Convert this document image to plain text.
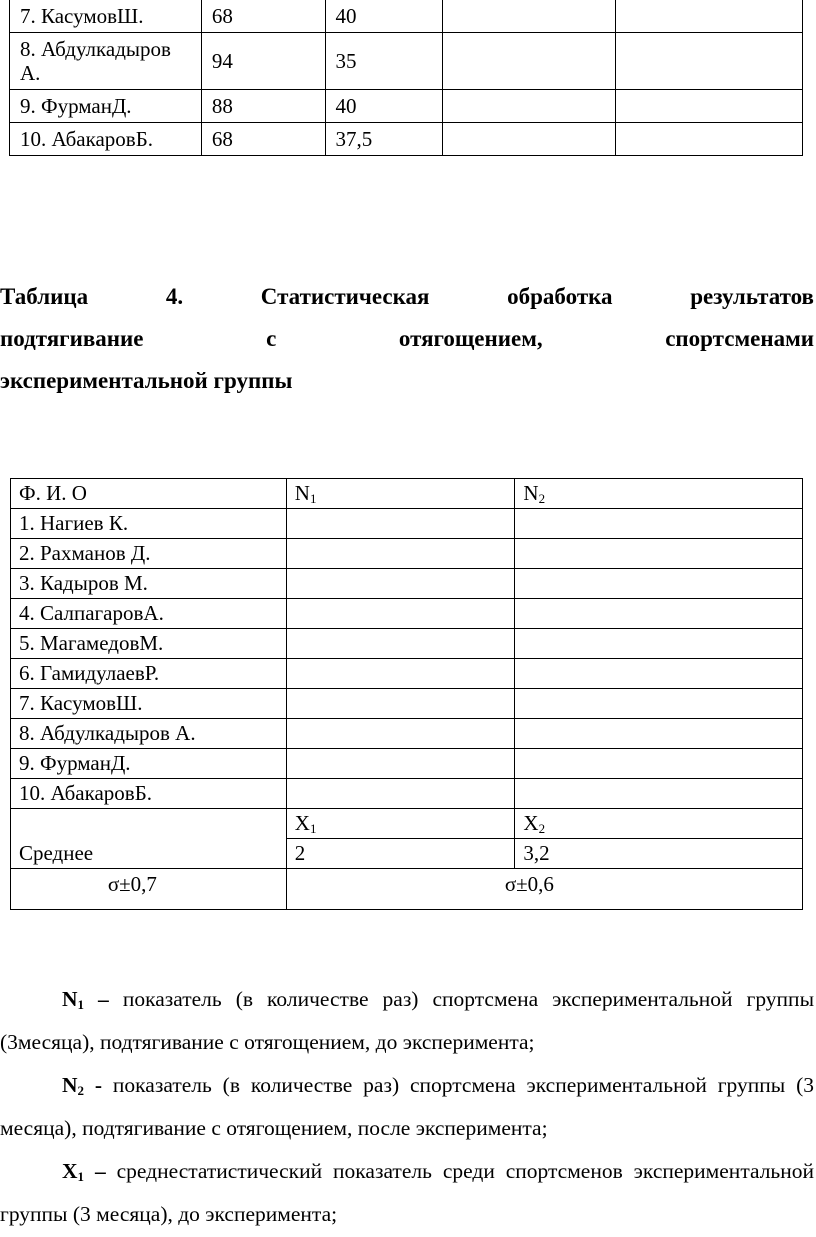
7. КасумовШ.	68	40		
8. Абдулкадыров А.	94	35		
9. ФурманД.	88	40		
10. АбакаровБ.	68	37,5		
Таблица	4.	Статистическая	обработка	результатов
подтягивание	с	отягощением,	спортсменами
экспериментальной группы
Ф. И. О	$N_1$	$N_2$
1. Нагиев К.		
2. Рахманов Д.		
3. Кадыров М.		
4. СалпагаровА.		
5. МагамедовМ.		
6. ГамидулаевР.		
7. КасумовШ.		
8. Абдулкадыров А.		
9. ФурманД.		
10. АбакаровБ.		
Среднее	$X_1$	$X_2$
	2	3,2
σ±0,7	σ±0,6	

$N_1$ – показатель (в количестве раз) спортсмена экспериментальной группы (3месяца), подтягивание с отягощением, до эксперимента;

$N_2$ - показатель (в количестве раз) спортсмена экспериментальной группы (3 месяца), подтягивание с отягощением, после эксперимента;

$X_1$ – среднестатистический показатель среди спортсменов экспериментальной группы (3 месяца), до эксперимента;
